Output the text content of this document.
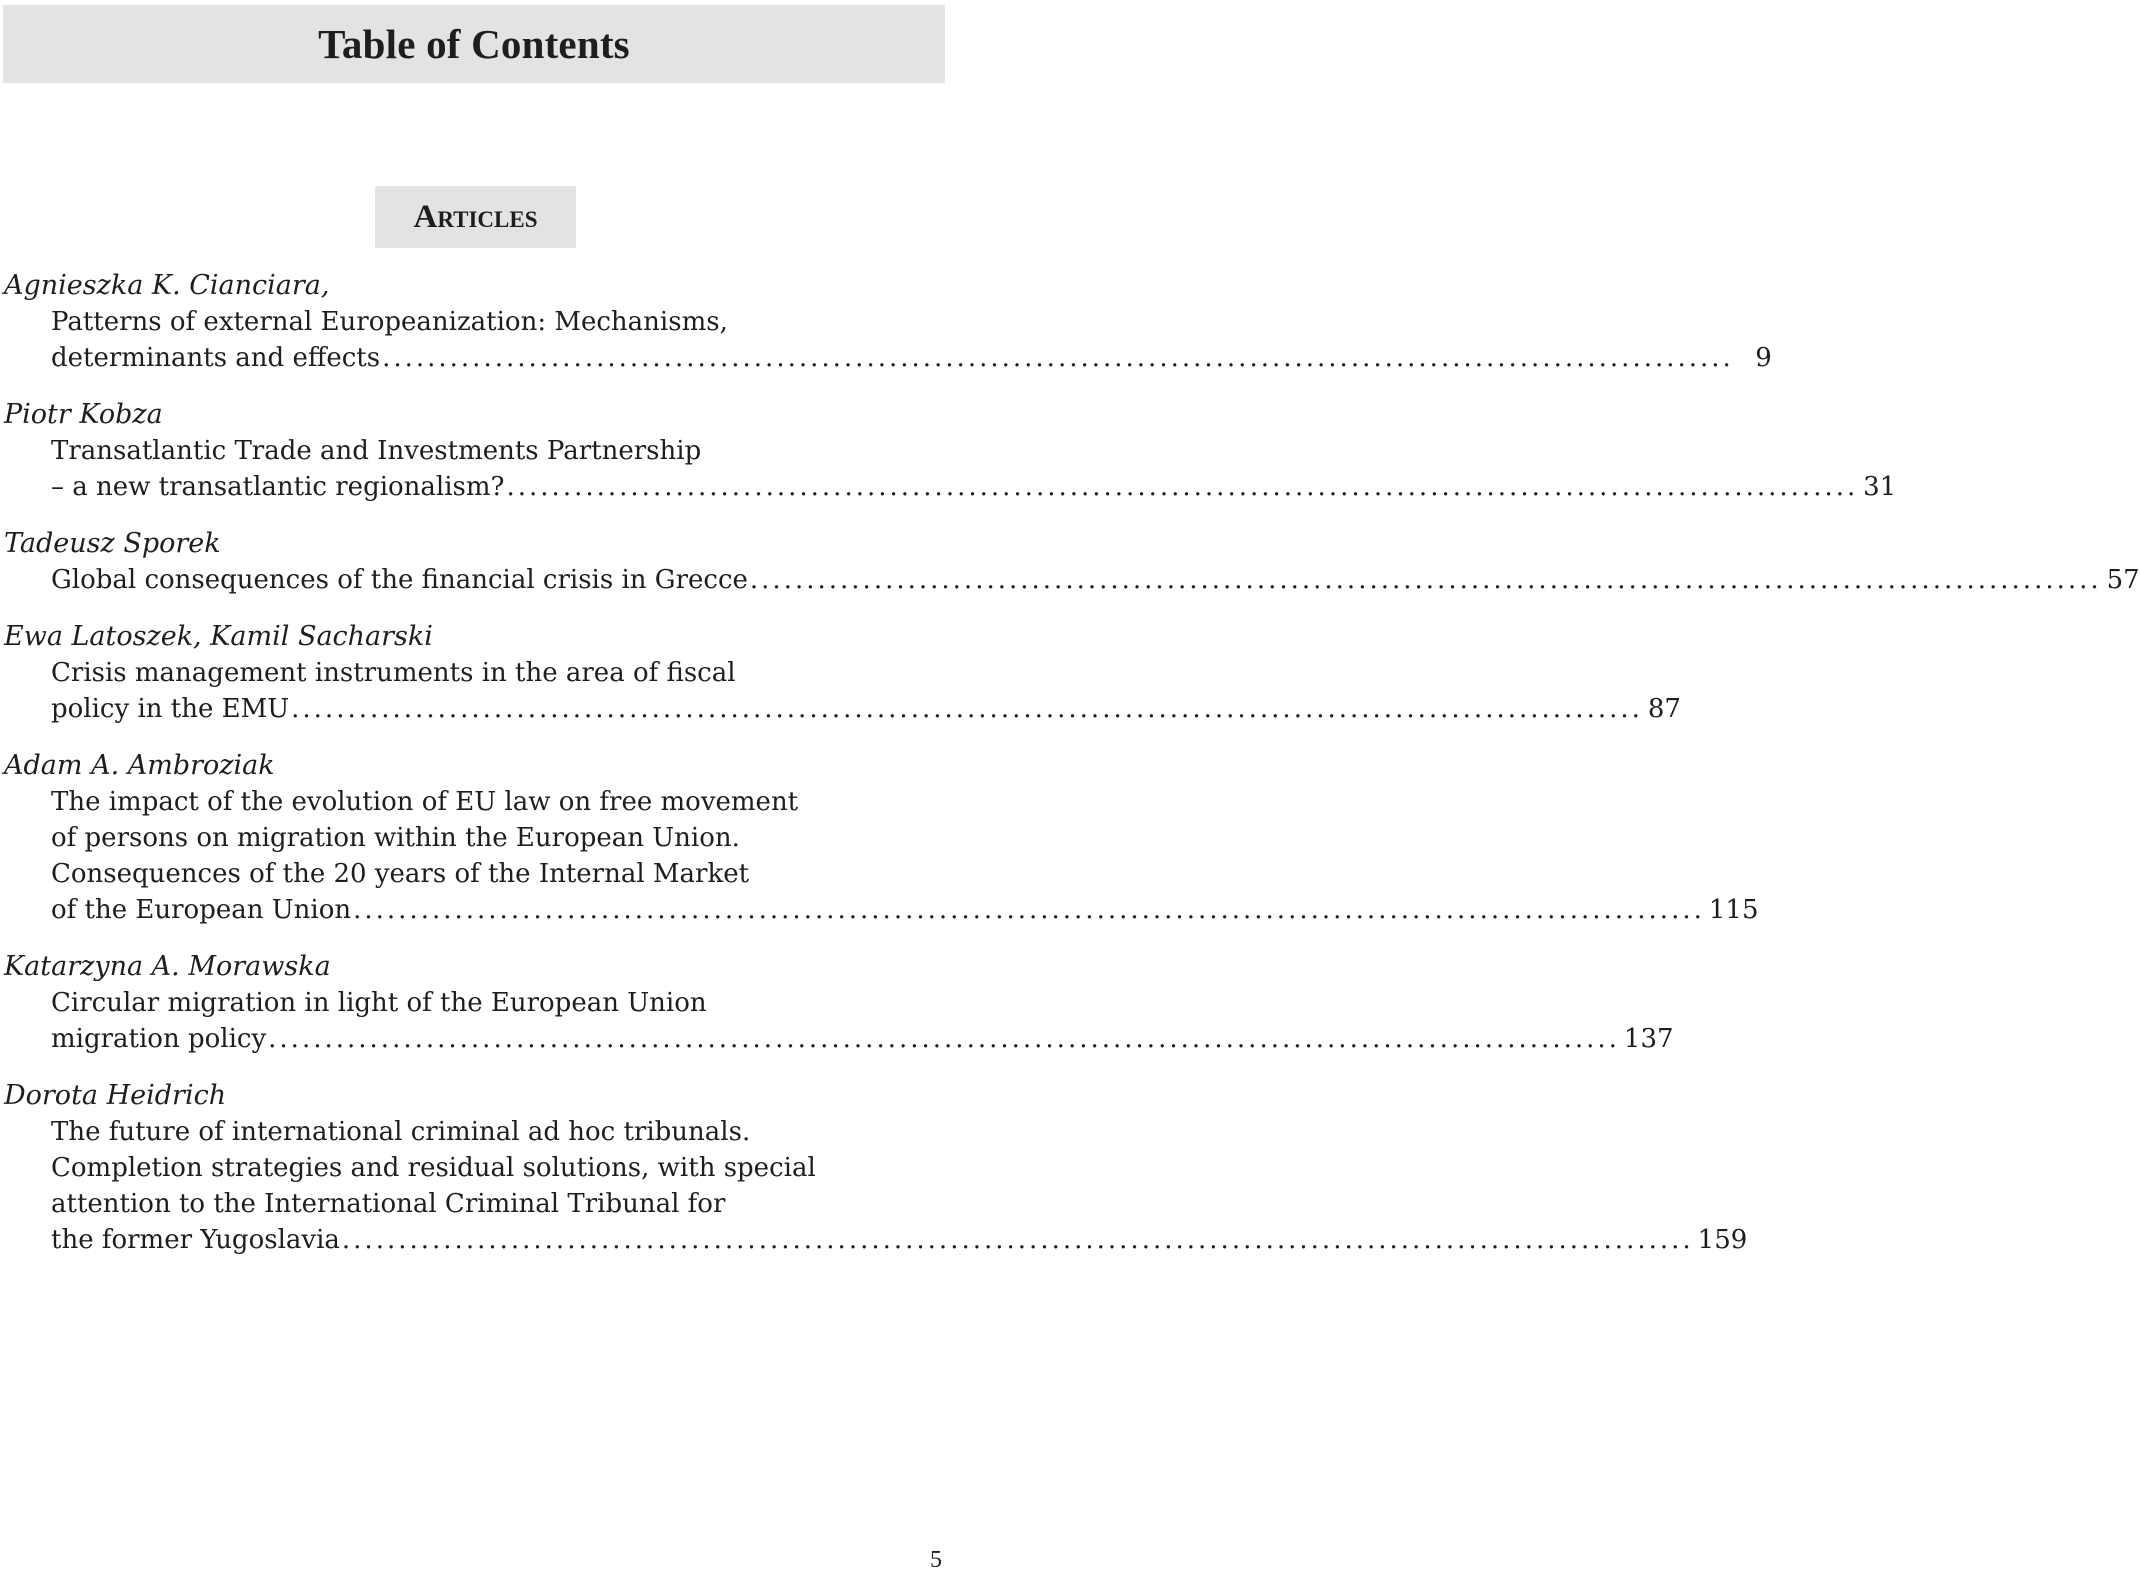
Table of Contents
Articles
Agnieszka K. Cianciara,
Patterns of external Europeanization: Mechanisms,
determinants and effects ........................................................................................................................ 9
Piotr Kobza
Transatlantic Trade and Investments Partnership
– a new transatlantic regionalism? ........................................................................................................................ 31
Tadeusz Sporek
Global consequences of the financial crisis in Grecce ........................................................................................................................ 57
Ewa Latoszek, Kamil Sacharski
Crisis management instruments in the area of fiscal
policy in the EMU ........................................................................................................................ 87
Adam A. Ambroziak
The impact of the evolution of EU law on free movement
of persons on migration within the European Union.
Consequences of the 20 years of the Internal Market
of the European Union ........................................................................................................................ 115
Katarzyna A. Morawska
Circular migration in light of the European Union
migration policy ........................................................................................................................ 137
Dorota Heidrich
The future of international criminal ad hoc tribunals.
Completion strategies and residual solutions, with special
attention to the International Criminal Tribunal for
the former Yugoslavia ........................................................................................................................ 159
5
